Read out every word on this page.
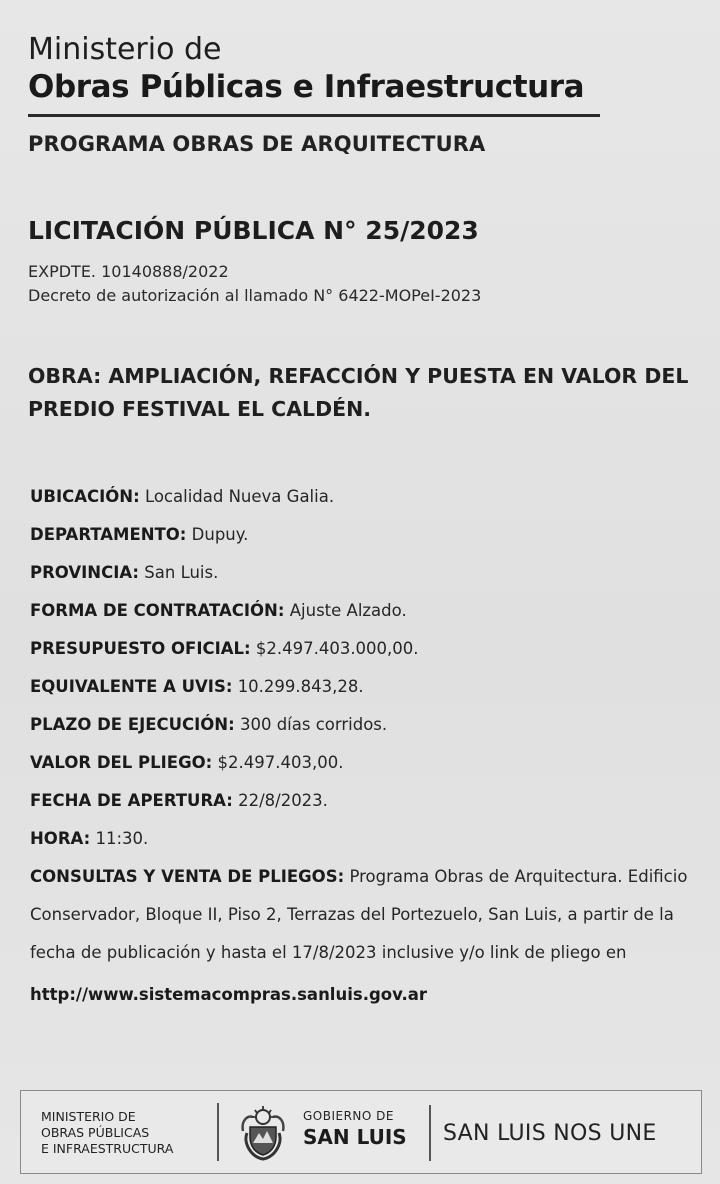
Ministerio de
Obras Públicas e Infraestructura
PROGRAMA OBRAS DE ARQUITECTURA
LICITACIÓN PÚBLICA N° 25/2023
EXPDTE. 10140888/2022
Decreto de autorización al llamado N° 6422-MOPeI-2023
OBRA: AMPLIACIÓN, REFACCIÓN Y PUESTA EN VALOR DEL PREDIO FESTIVAL EL CALDÉN.
UBICACIÓN: Localidad Nueva Galia.
DEPARTAMENTO: Dupuy.
PROVINCIA: San Luis.
FORMA DE CONTRATACIÓN: Ajuste Alzado.
PRESUPUESTO OFICIAL: $2.497.403.000,00.
EQUIVALENTE A UVIS: 10.299.843,28.
PLAZO DE EJECUCIÓN: 300 días corridos.
VALOR DEL PLIEGO: $2.497.403,00.
FECHA DE APERTURA: 22/8/2023.
HORA: 11:30.
CONSULTAS Y VENTA DE PLIEGOS: Programa Obras de Arquitectura. Edificio Conservador, Bloque II, Piso 2, Terrazas del Portezuelo, San Luis, a partir de la fecha de publicación y hasta el 17/8/2023 inclusive y/o link de pliego en
http://www.sistemacompras.sanluis.gov.ar
MINISTERIO DE
OBRAS PÚBLICAS
E INFRAESTRUCTURA
GOBIERNO DE
SAN LUIS SAN LUIS NOS UNE
